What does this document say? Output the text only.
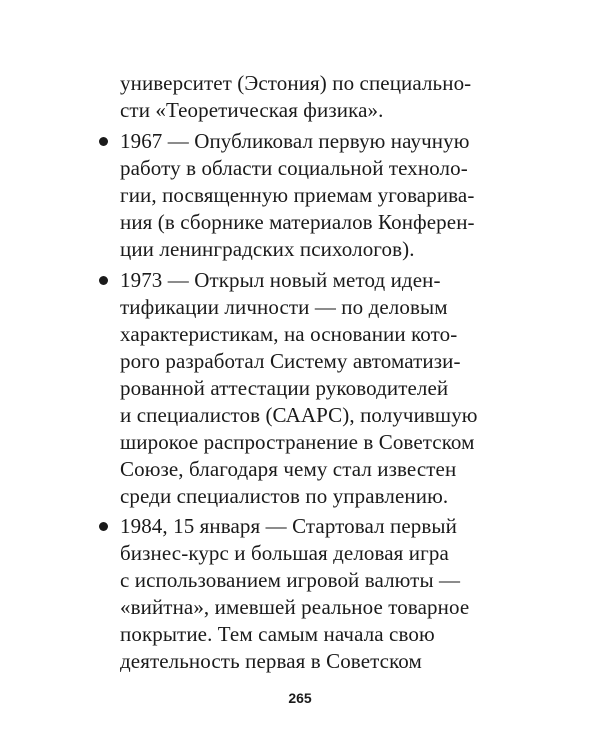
университет (Эстония) по специально-
сти «Теоретическая физика».
1967 — Опубликовал первую научную
работу в области социальной техноло-
гии, посвященную приемам уговарива-
ния (в сборнике материалов Конферен-
ции ленинградских психологов).
1973 — Открыл новый метод иден-
тификации личности — по деловым
характеристикам, на основании кото-
рого разработал Систему автоматизи-
рованной аттестации руководителей
и специалистов (СААРС), получившую
широкое распространение в Советском
Союзе, благодаря чему стал известен
среди специалистов по управлению.
1984, 15 января — Стартовал первый
бизнес-курс и большая деловая игра
с использованием игровой валюты —
«вийтна», имевшей реальное товарное
покрытие. Тем самым начала свою
деятельность первая в Советском
265
